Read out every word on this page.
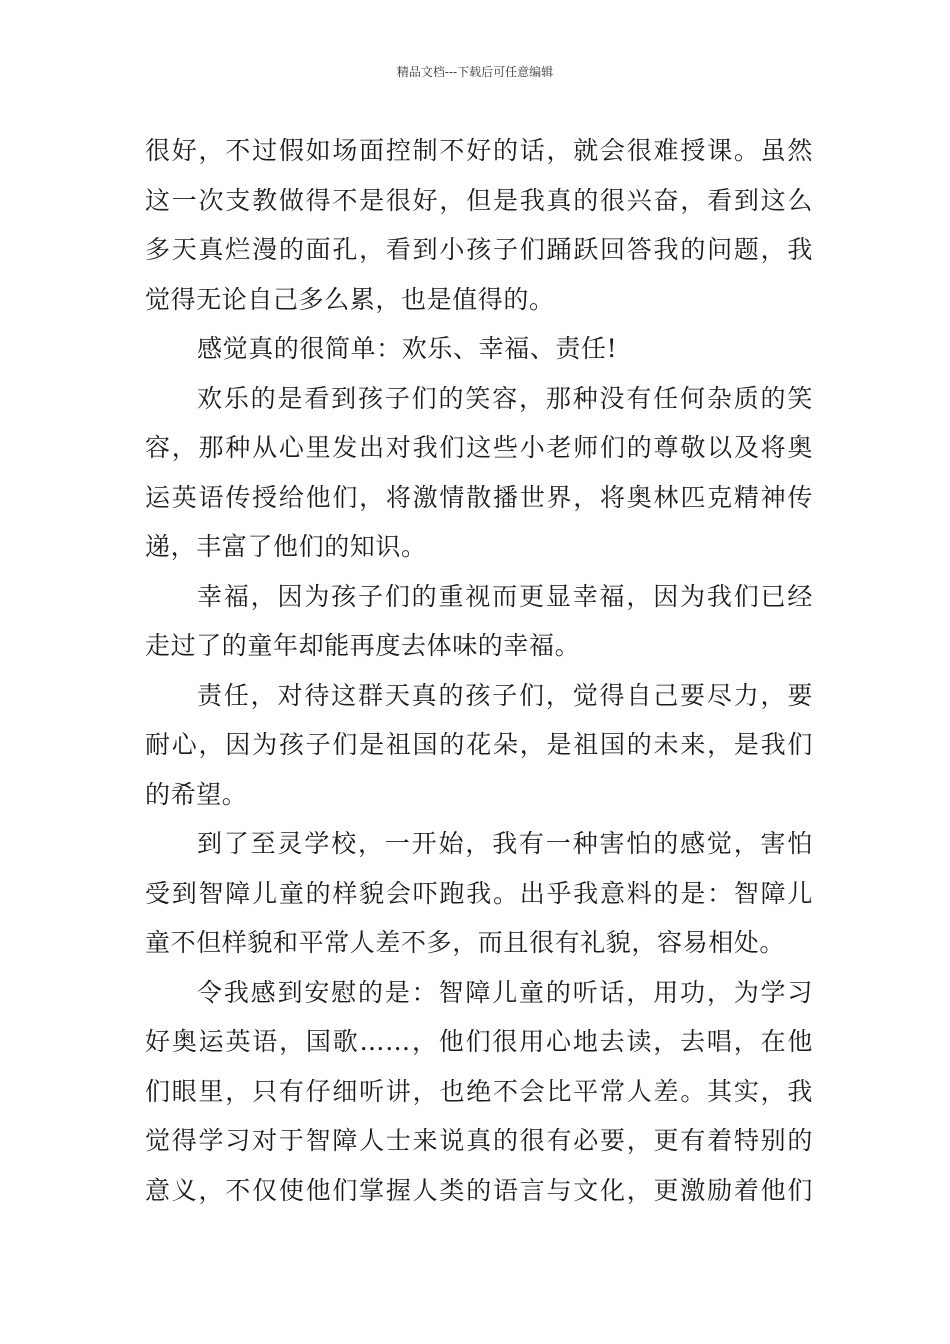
精品文档---下载后可任意编辑
很好，不过假如场面控制不好的话，就会很难授课。虽然
这一次支教做得不是很好，但是我真的很兴奋，看到这么
多天真烂漫的面孔，看到小孩子们踊跃回答我的问题，我
觉得无论自己多么累，也是值得的。
感觉真的很简单：欢乐、幸福、责任!
欢乐的是看到孩子们的笑容，那种没有任何杂质的笑
容，那种从心里发出对我们这些小老师们的尊敬以及将奥
运英语传授给他们，将激情散播世界，将奥林匹克精神传
递，丰富了他们的知识。
幸福，因为孩子们的重视而更显幸福，因为我们已经
走过了的童年却能再度去体味的幸福。
责任，对待这群天真的孩子们，觉得自己要尽力，要
耐心，因为孩子们是祖国的花朵，是祖国的未来，是我们
的希望。
到了至灵学校，一开始，我有一种害怕的感觉，害怕
受到智障儿童的样貌会吓跑我。出乎我意料的是：智障儿
童不但样貌和平常人差不多，而且很有礼貌，容易相处。
令我感到安慰的是：智障儿童的听话，用功，为学习
好奥运英语，国歌……，他们很用心地去读，去唱，在他
们眼里，只有仔细听讲，也绝不会比平常人差。其实，我
觉得学习对于智障人士来说真的很有必要，更有着特别的
意义，不仅使他们掌握人类的语言与文化，更激励着他们
